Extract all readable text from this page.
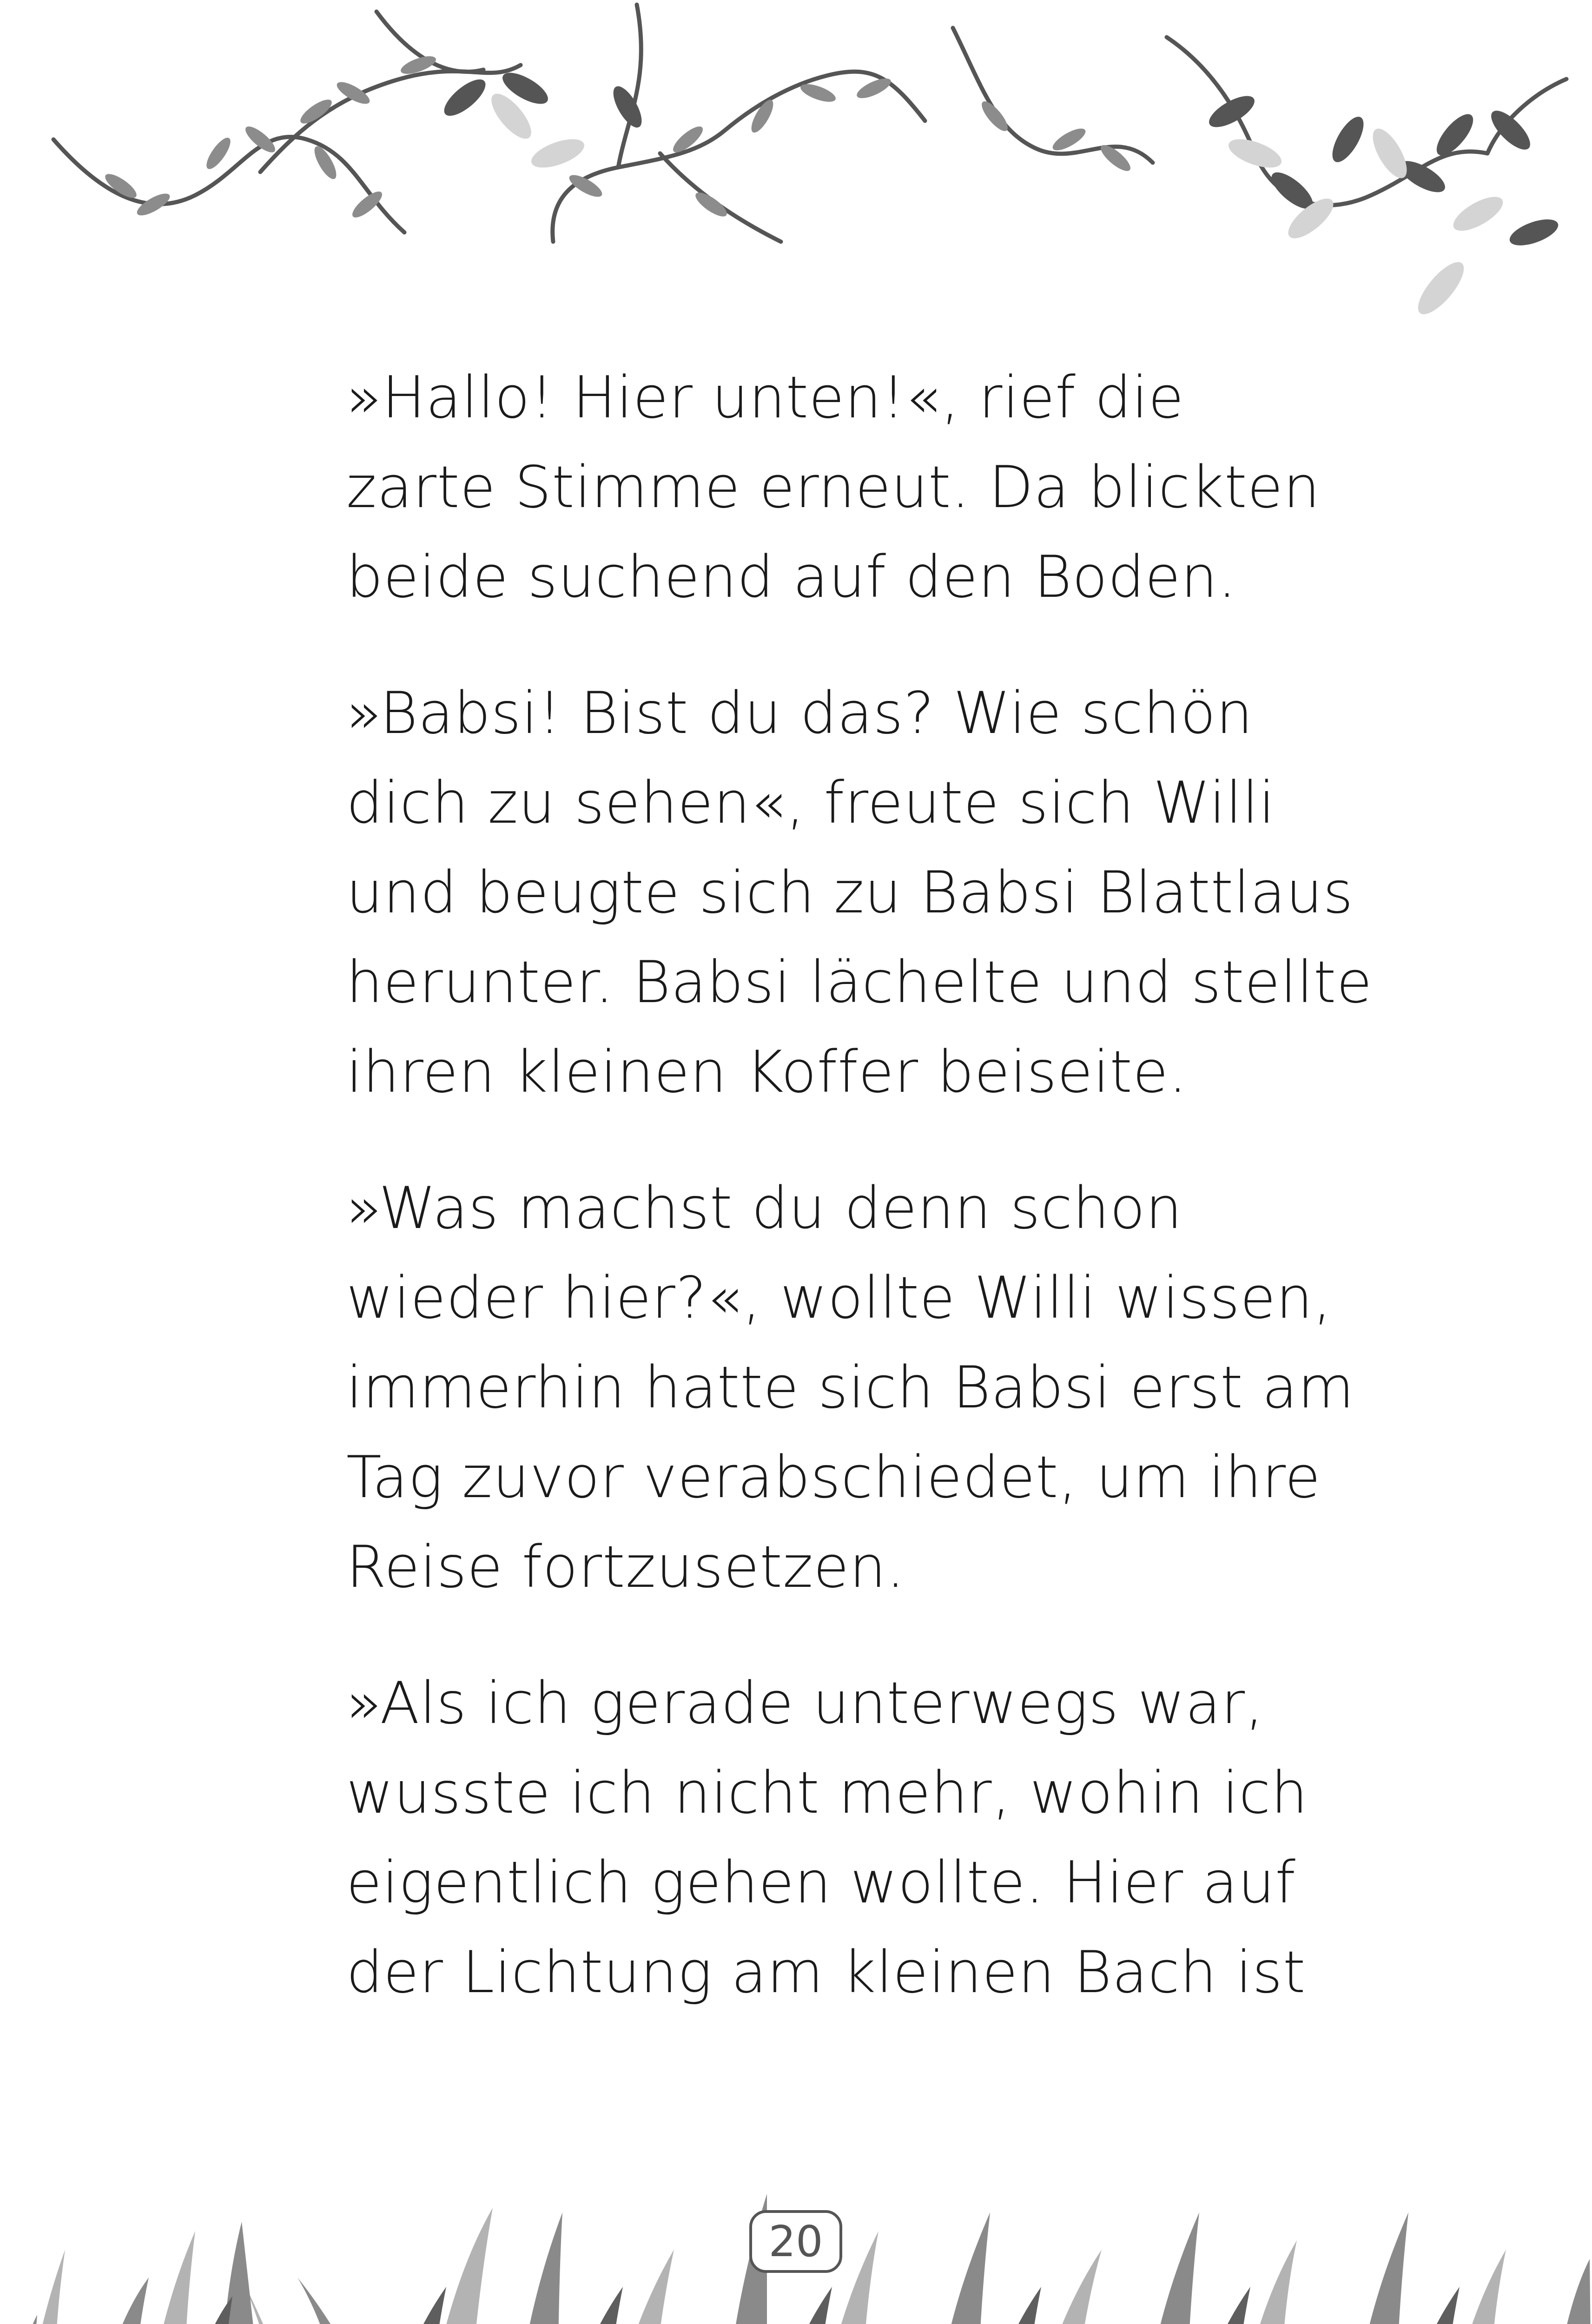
»Hallo! Hier unten!«, rief die
zarte Stimme erneut. Da blickten
beide suchend auf den Boden.

»Babsi! Bist du das? Wie schön
dich zu sehen«, freute sich Willi
und beugte sich zu Babsi Blattlaus
herunter. Babsi lächelte und stellte
ihren kleinen Koffer beiseite.

»Was machst du denn schon
wieder hier?«, wollte Willi wissen,
immerhin hatte sich Babsi erst am
Tag zuvor verabschiedet, um ihre
Reise fortzusetzen.

»Als ich gerade unterwegs war,
wusste ich nicht mehr, wohin ich
eigentlich gehen wollte. Hier auf
der Lichtung am kleinen Bach ist

20
